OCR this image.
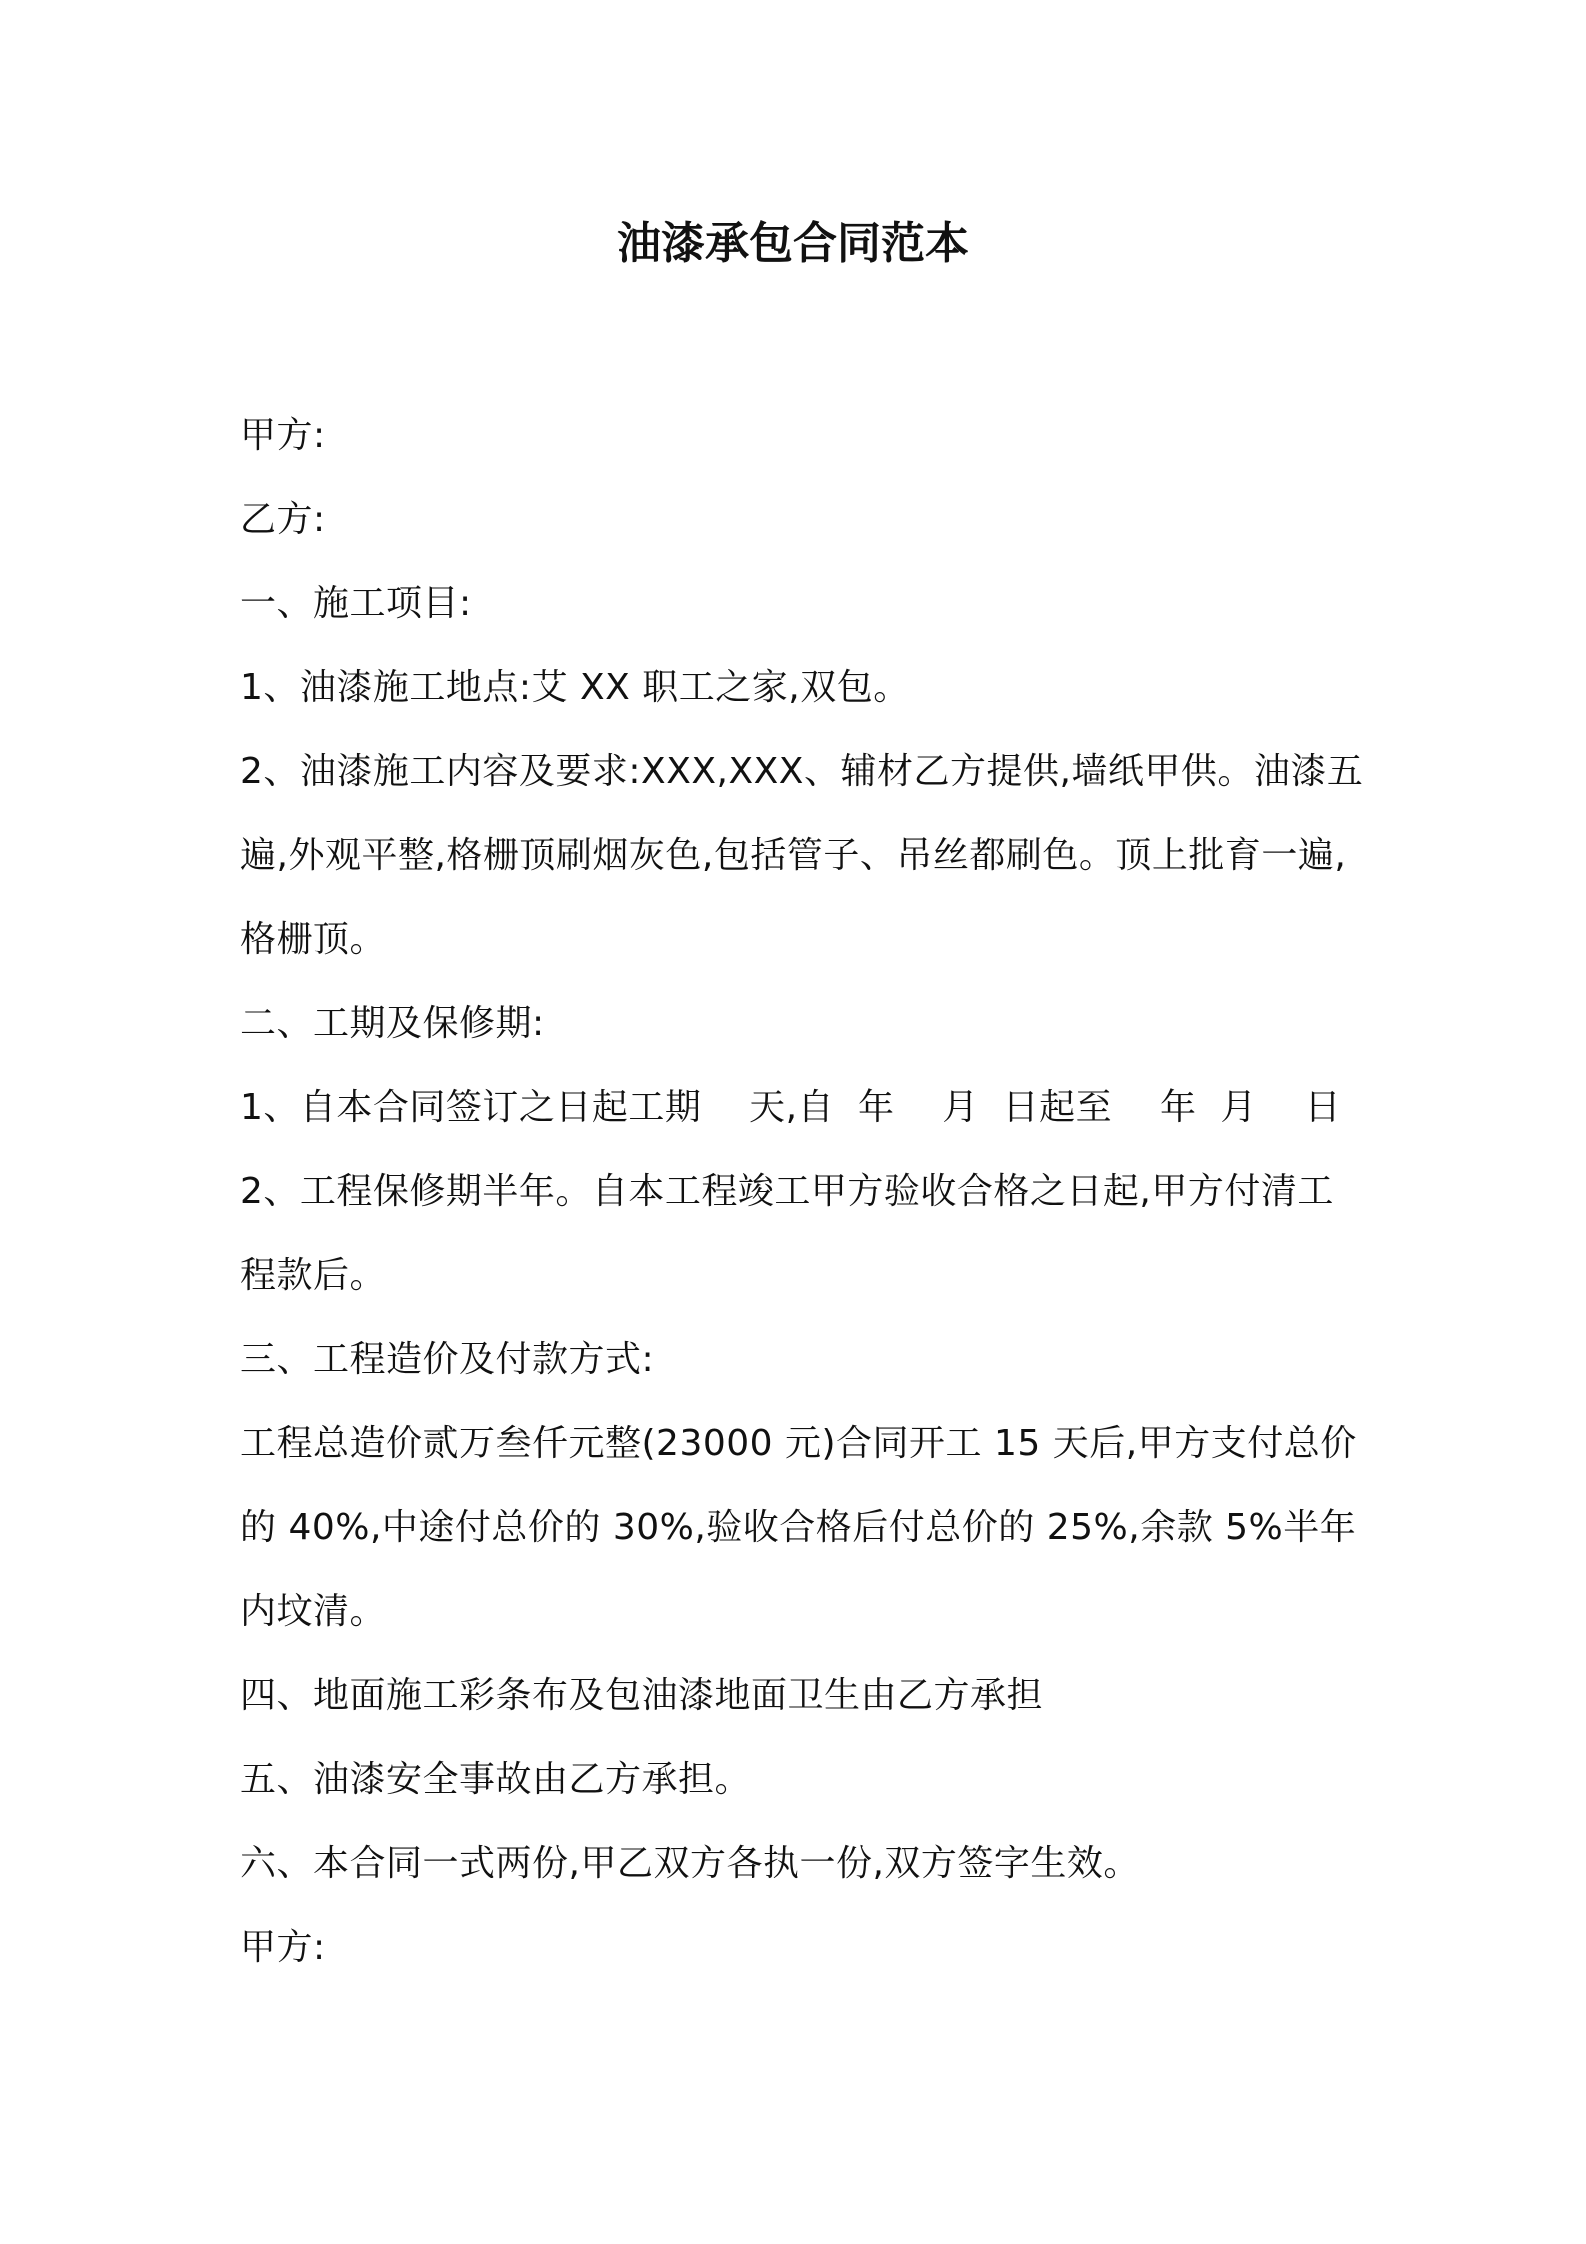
油漆承包合同范本
甲方:
乙方:
一、施工项目:
1、油漆施工地点:艾 XX 职工之家,双包。
2、油漆施工内容及要求:XXX,XXX、辅材乙方提供,墙纸甲供。油漆五
遍,外观平整,格栅顶刷烟灰色,包括管子、吊丝都刷色。顶上批育一遍,
格栅顶。
二、工期及保修期:
1、自本合同签订之日起工期    天,自  年    月  日起至    年  月    日
2、工程保修期半年。自本工程竣工甲方验收合格之日起,甲方付清工
程款后。
三、工程造价及付款方式:
工程总造价贰万叁仟元整(23000 元)合同开工 15 天后,甲方支付总价
的 40%,中途付总价的 30%,验收合格后付总价的 25%,余款 5%半年
内坟清。
四、地面施工彩条布及包油漆地面卫生由乙方承担
五、油漆安全事故由乙方承担。
六、本合同一式两份,甲乙双方各执一份,双方签字生效。
甲方:
